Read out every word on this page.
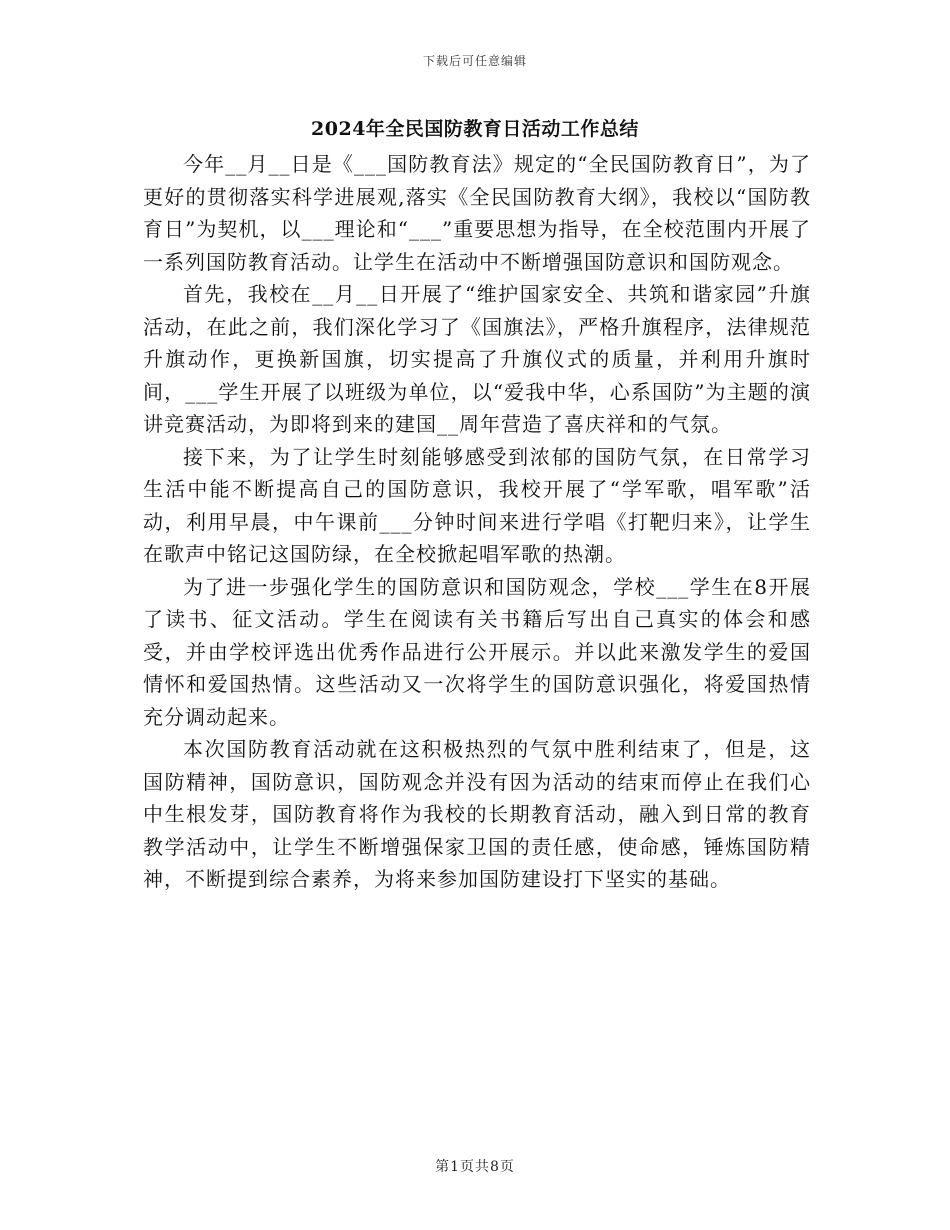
下载后可任意编辑
2024年全民国防教育日活动工作总结

今年__月__日是《___国防教育法》规定的“全民国防教育日”，为了更好的贯彻落实科学进展观,落实《全民国防教育大纲》，我校以“国防教育日”为契机，以___理论和“___”重要思想为指导，在全校范围内开展了一系列国防教育活动。让学生在活动中不断增强国防意识和国防观念。

首先，我校在__月__日开展了“维护国家安全、共筑和谐家园”升旗活动，在此之前，我们深化学习了《国旗法》，严格升旗程序，法律规范升旗动作，更换新国旗，切实提高了升旗仪式的质量，并利用升旗时间，___学生开展了以班级为单位，以“爱我中华，心系国防”为主题的演讲竞赛活动，为即将到来的建国__周年营造了喜庆祥和的气氛。

接下来，为了让学生时刻能够感受到浓郁的国防气氛，在日常学习生活中能不断提高自己的国防意识，我校开展了“学军歌，唱军歌”活动，利用早晨，中午课前___分钟时间来进行学唱《打靶归来》，让学生在歌声中铭记这国防绿，在全校掀起唱军歌的热潮。

为了进一步强化学生的国防意识和国防观念，学校___学生在8开展了读书、征文活动。学生在阅读有关书籍后写出自己真实的体会和感受，并由学校评选出优秀作品进行公开展示。并以此来激发学生的爱国情怀和爱国热情。这些活动又一次将学生的国防意识强化，将爱国热情充分调动起来。

本次国防教育活动就在这积极热烈的气氛中胜利结束了，但是，这国防精神，国防意识，国防观念并没有因为活动的结束而停止在我们心中生根发芽，国防教育将作为我校的长期教育活动，融入到日常的教育教学活动中，让学生不断增强保家卫国的责任感，使命感，锤炼国防精神，不断提到综合素养，为将来参加国防建设打下坚实的基础。

第1页共8页
